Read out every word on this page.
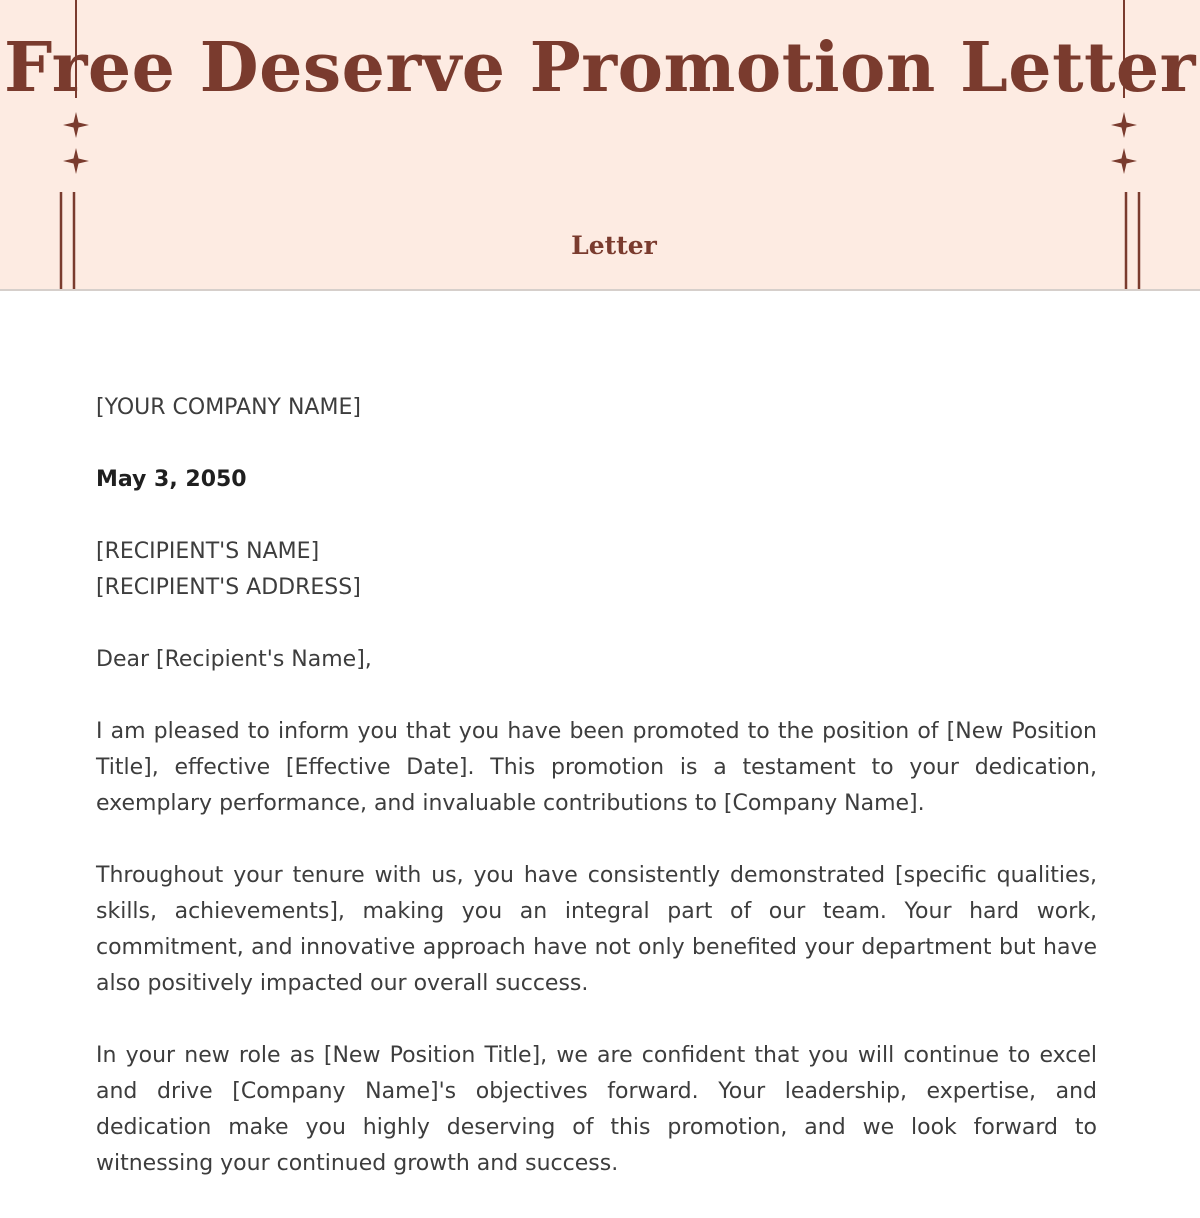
Free Deserve Promotion Letter
Letter

[YOUR COMPANY NAME]

May 3, 2050

[RECIPIENT'S NAME]
[RECIPIENT'S ADDRESS]

Dear [Recipient's Name],

I am pleased to inform you that you have been promoted to the position of [New Position Title], effective [Effective Date]. This promotion is a testament to your dedication, exemplary performance, and invaluable contributions to [Company Name].

Throughout your tenure with us, you have consistently demonstrated [specific qualities, skills, achievements], making you an integral part of our team. Your hard work, commitment, and innovative approach have not only benefited your department but have also positively impacted our overall success.

In your new role as [New Position Title], we are confident that you will continue to excel and drive [Company Name]'s objectives forward. Your leadership, expertise, and dedication make you highly deserving of this promotion, and we look forward to witnessing your continued growth and success.
